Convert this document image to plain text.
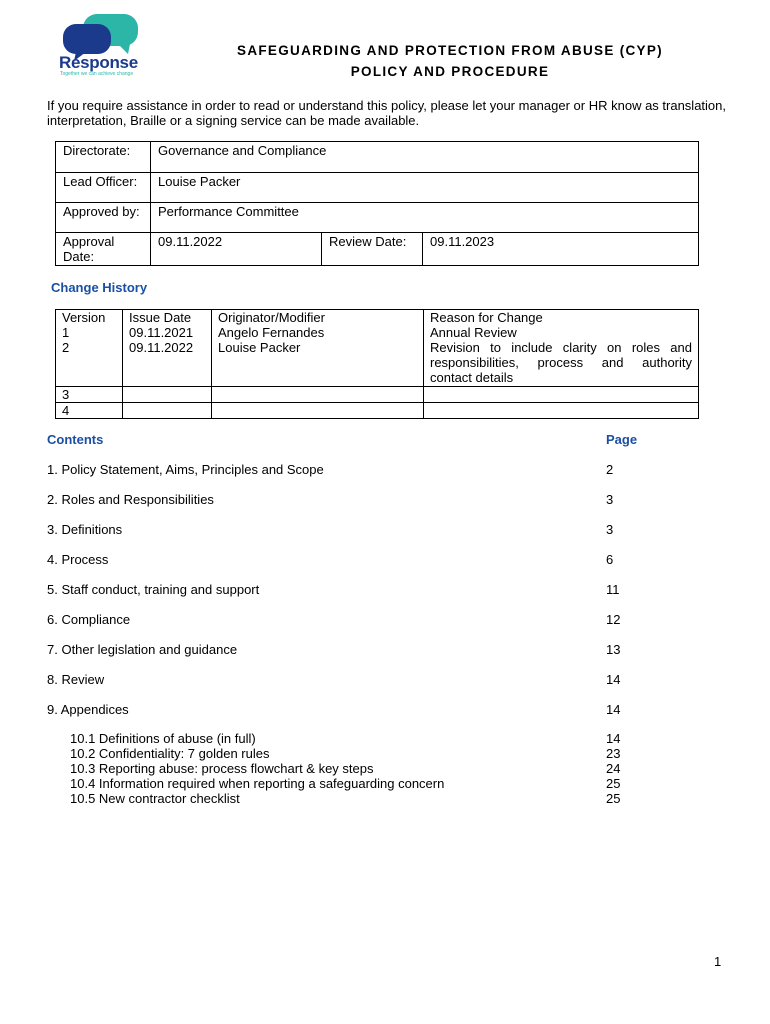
Response
Together we can achieve change
SAFEGUARDING AND PROTECTION FROM ABUSE (CYP)
POLICY AND PROCEDURE
If you require assistance in order to read or understand this policy, please let your manager or HR know as translation, interpretation, Braille or a signing service can be made available.
Directorate:	Governance and Compliance		
Lead Officer:	Louise Packer		
Approved by:	Performance Committee		
Approval Date:	09.11.2022	Review Date:	09.11.2023
Change History
Version	Issue Date	Originator/Modifier	Reason for Change
1	09.11.2021	Angelo Fernandes	Annual Review
2	09.11.2022	Louise Packer	Revision to include clarity on roles and responsibilities, process and authority contact details
3			
4			
Contents	Page
1. Policy Statement, Aims, Principles and Scope	2
2. Roles and Responsibilities	3
3. Definitions	3
4. Process	6
5. Staff conduct, training and support	11
6. Compliance	12
7. Other legislation and guidance	13
8. Review	14
9. Appendices	14
10.1 Definitions of abuse (in full)	14
10.2 Confidentiality: 7 golden rules	23
10.3 Reporting abuse: process flowchart & key steps	24
10.4 Information required when reporting a safeguarding concern	25
10.5 New contractor checklist	25
1
